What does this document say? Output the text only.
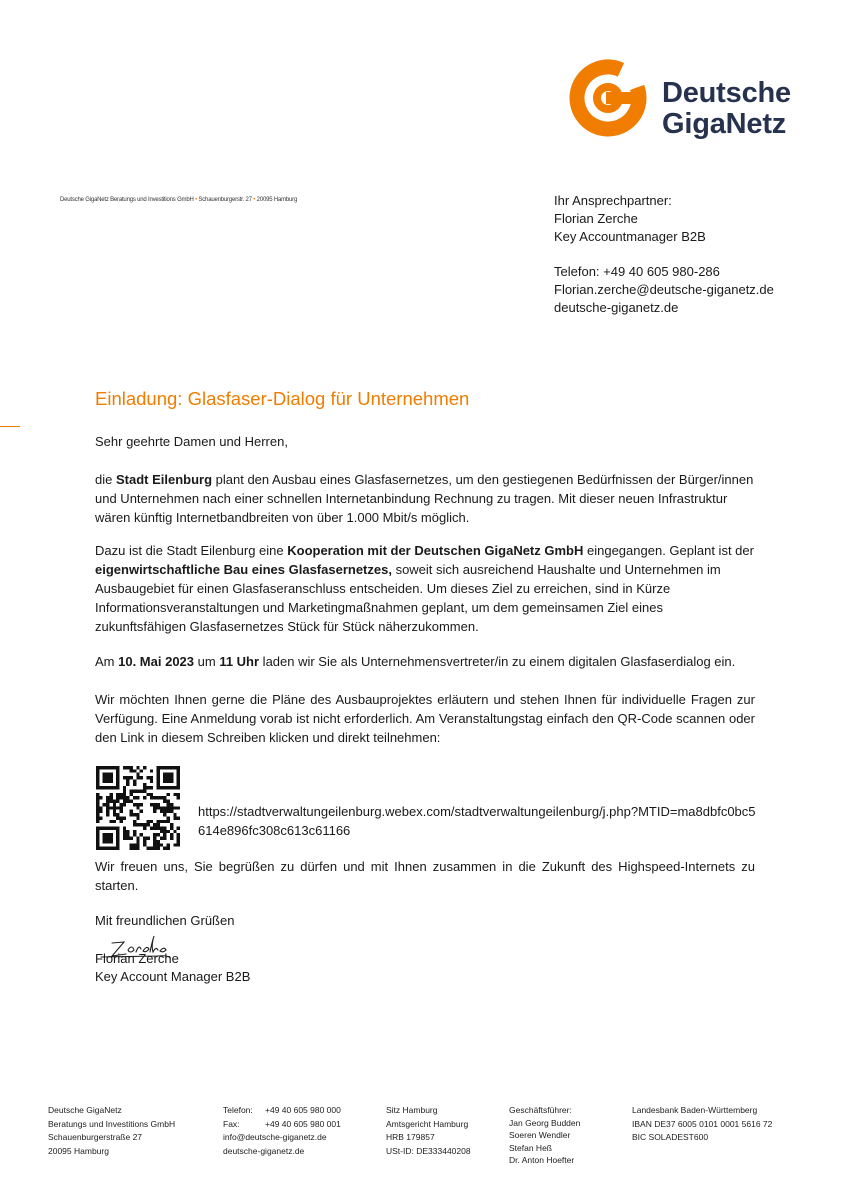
Deutsche
GigaNetz
Deutsche GigaNetz Beratungs und Investitions GmbH • Schauenburgerstr. 27 • 20095 Hamburg	Ihr Ansprechpartner:
Florian Zerche
Key Accountmanager B2B
Telefon: +49 40 605 980-286
Florian.zerche@deutsche-giganetz.de
deutsche-giganetz.de
Einladung: Glasfaser-Dialog für Unternehmen
Sehr geehrte Damen und Herren,
die Stadt Eilenburg plant den Ausbau eines Glasfasernetzes, um den gestiegenen Bedürfnissen der Bürger/innen und Unternehmen nach einer schnellen Internetanbindung Rechnung zu tragen. Mit dieser neuen Infrastruktur wären künftig Internetbandbreiten von über 1.000 Mbit/s möglich.
Dazu ist die Stadt Eilenburg eine Kooperation mit der Deutschen GigaNetz GmbH eingegangen. Geplant ist der eigenwirtschaftliche Bau eines Glasfasernetzes, soweit sich ausreichend Haushalte und Unternehmen im Ausbaugebiet für einen Glasfaseranschluss entscheiden. Um dieses Ziel zu erreichen, sind in Kürze Informationsveranstaltungen und Marketingmaßnahmen geplant, um dem gemeinsamen Ziel eines zukunftsfähigen Glasfasernetzes Stück für Stück näherzukommen.
Am 10. Mai 2023 um 11 Uhr laden wir Sie als Unternehmensvertreter/in zu einem digitalen Glasfaserdialog ein.
Wir möchten Ihnen gerne die Pläne des Ausbauprojektes erläutern und stehen Ihnen für individuelle Fragen zur Verfügung. Eine Anmeldung vorab ist nicht erforderlich. Am Veranstaltungstag einfach den QR-Code scannen oder den Link in diesem Schreiben klicken und direkt teilnehmen:
https://stadtverwaltungeilenburg.webex.com/stadtverwaltungeilenburg/j.php?MTID=ma8dbfc0bc5614e896fc308c613c61166
Wir freuen uns, Sie begrüßen zu dürfen und mit Ihnen zusammen in die Zukunft des Highspeed-Internets zu starten.
Mit freundlichen Grüßen
Florian Zerche
Key Account Manager B2B
Deutsche GigaNetz
Beratungs und Investitions GmbH
Schauenburgerstraße 27
20095 Hamburg
Telefon: +49 40 605 980 000
Fax:	+49 40 605 980 001
info@deutsche-giganetz.de
deutsche-giganetz.de
Sitz Hamburg
Amtsgericht Hamburg
HRB 179857
USt-ID: DE333440208
Geschäftsführer:
Jan Georg Budden
Soeren Wendler
Stefan Heß
Dr. Anton Hoefter
Landesbank Baden-Württemberg
IBAN DE37 6005 0101 0001 5616 72
BIC SOLADEST600
